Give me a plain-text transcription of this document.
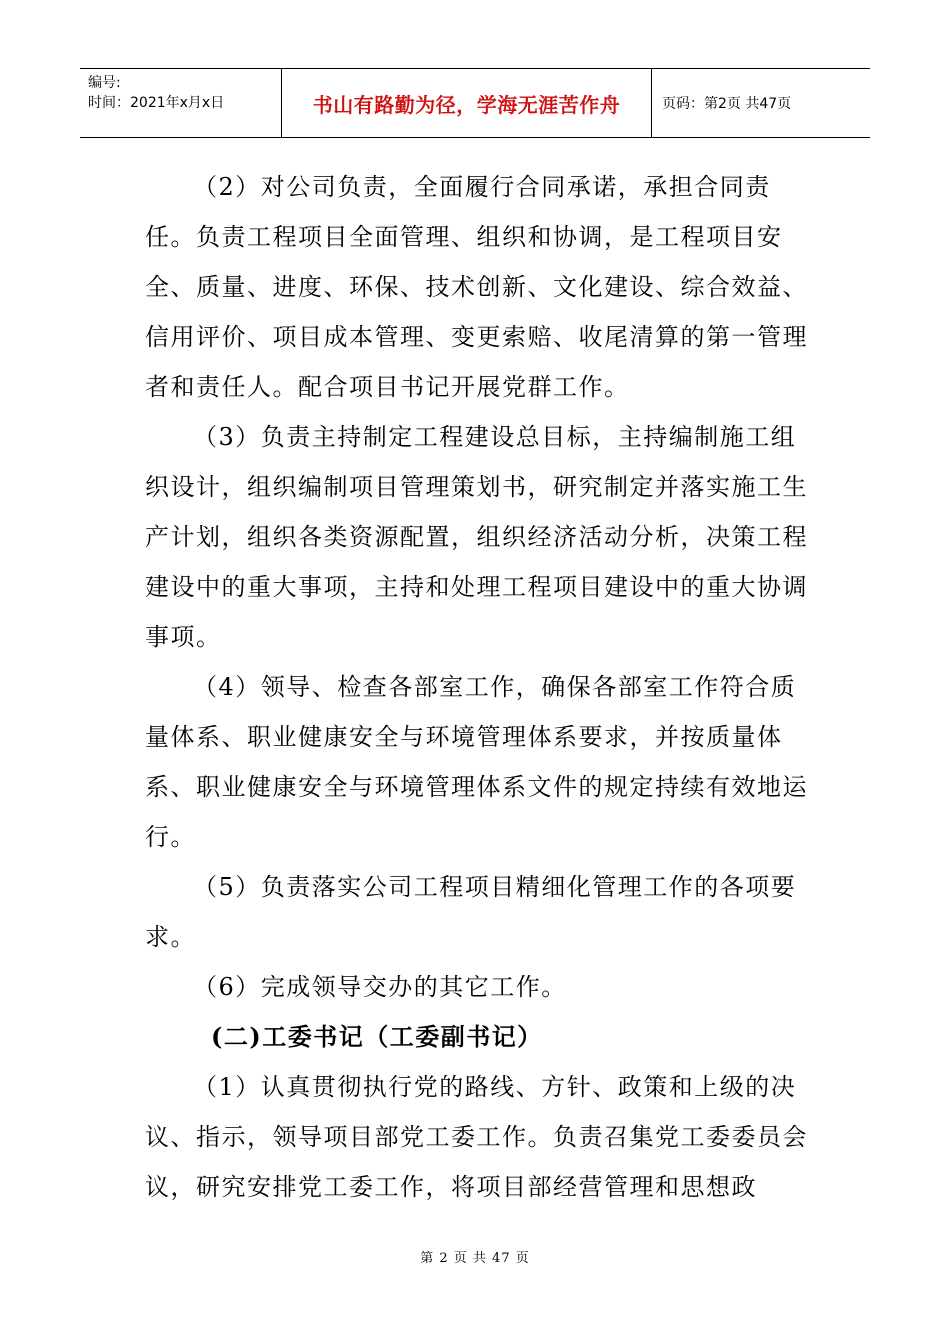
编号:
时间：2021年x月x日	书山有路勤为径，学海无涯苦作舟	页码：第2页 共47页

（2）对公司负责，全面履行合同承诺，承担合同责任。负责工程项目全面管理、组织和协调，是工程项目安全、质量、进度、环保、技术创新、文化建设、综合效益、信用评价、项目成本管理、变更索赔、收尾清算的第一管理者和责任人。配合项目书记开展党群工作。

（3）负责主持制定工程建设总目标，主持编制施工组织设计，组织编制项目管理策划书，研究制定并落实施工生产计划，组织各类资源配置，组织经济活动分析，决策工程建设中的重大事项，主持和处理工程项目建设中的重大协调事项。

（4）领导、检查各部室工作，确保各部室工作符合质量体系、职业健康安全与环境管理体系要求，并按质量体系、职业健康安全与环境管理体系文件的规定持续有效地运行。

（5）负责落实公司工程项目精细化管理工作的各项要求。

（6）完成领导交办的其它工作。

(二)工委书记（工委副书记）

（1）认真贯彻执行党的路线、方针、政策和上级的决议、指示，领导项目部党工委工作。负责召集党工委委员会议，研究安排党工委工作，将项目部经营管理和思想政

第 2 页 共 47 页
